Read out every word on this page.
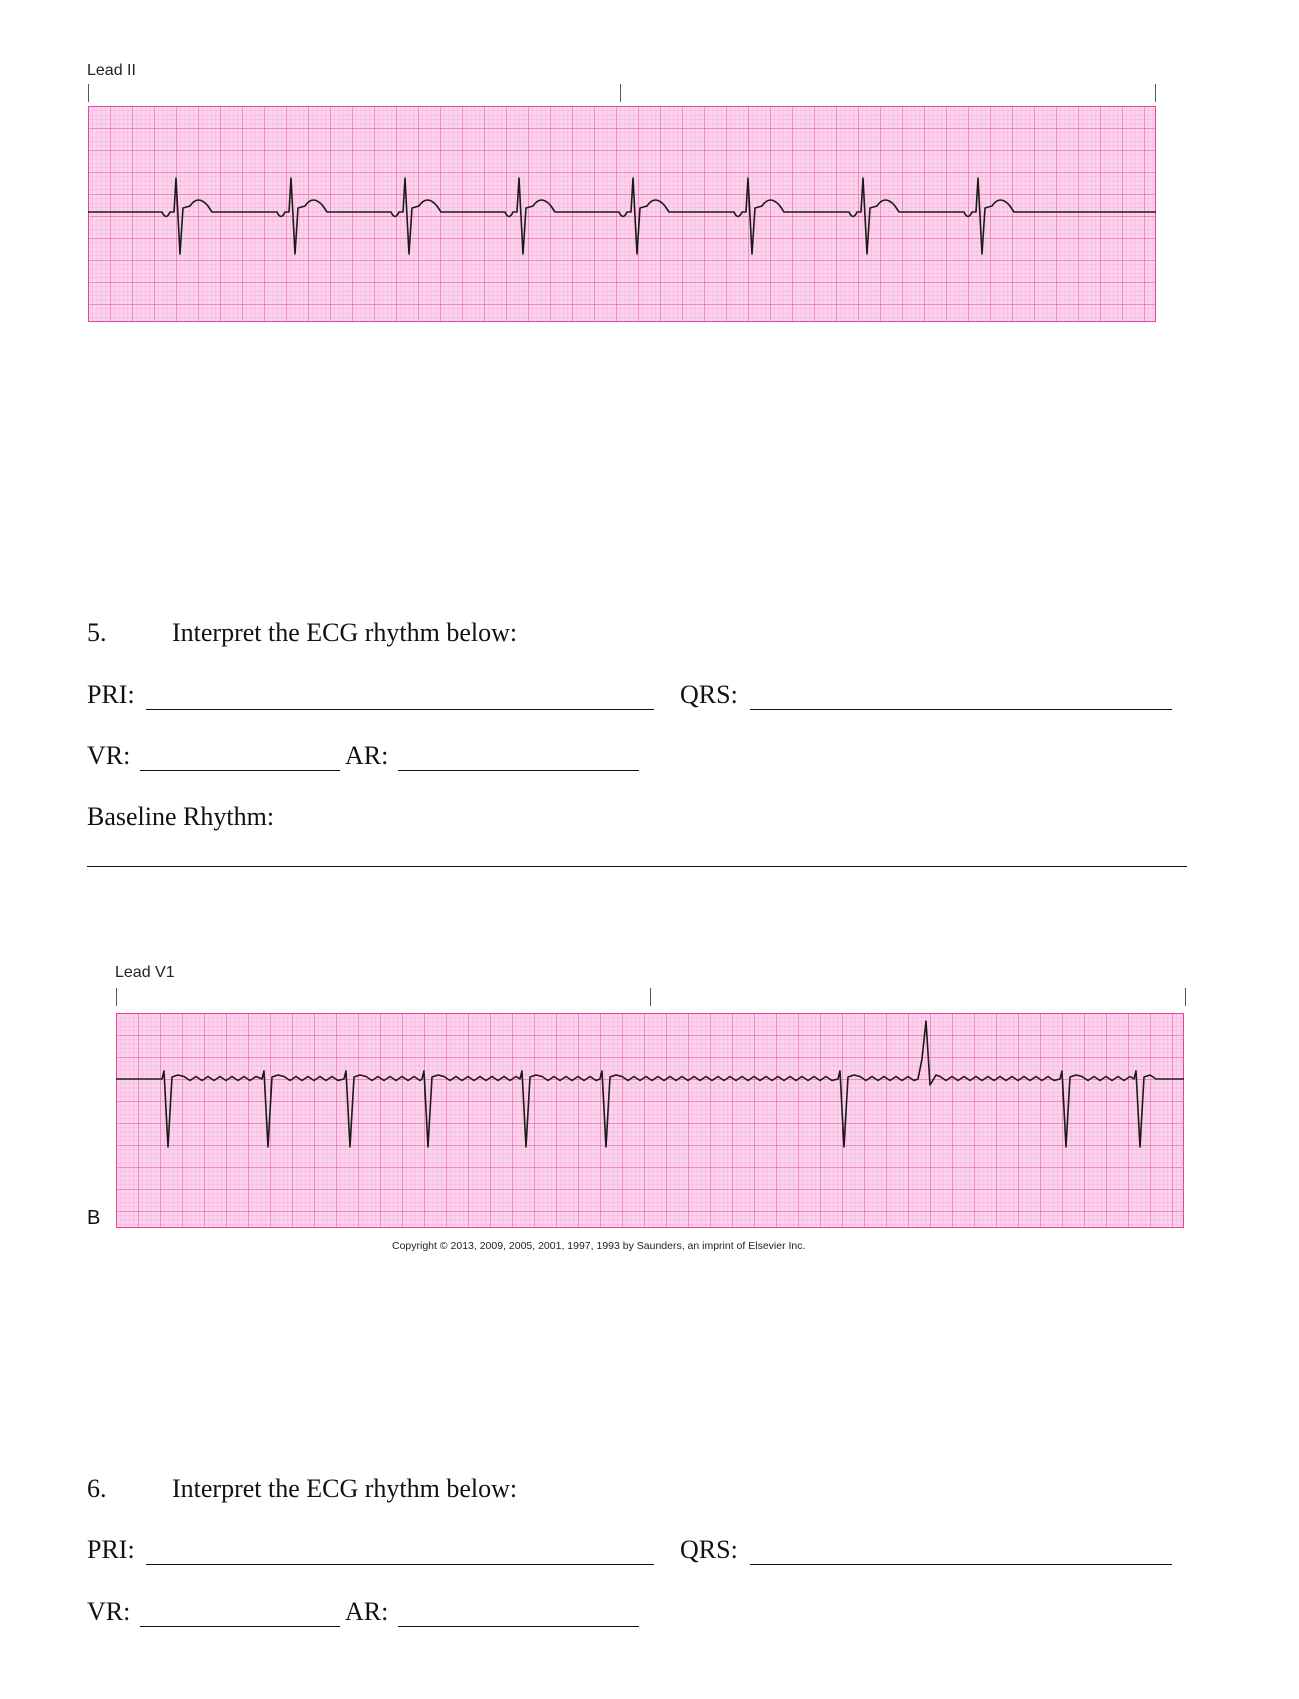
Lead II
5.	Interpret the ECG rhythm below:
PRI:	QRS:
VR:	AR:
Baseline Rhythm:
Lead V1
B
Copyright © 2013, 2009, 2005, 2001, 1997, 1993 by Saunders, an imprint of Elsevier Inc.
6.	Interpret the ECG rhythm below:
PRI:	QRS:
VR:	AR:
